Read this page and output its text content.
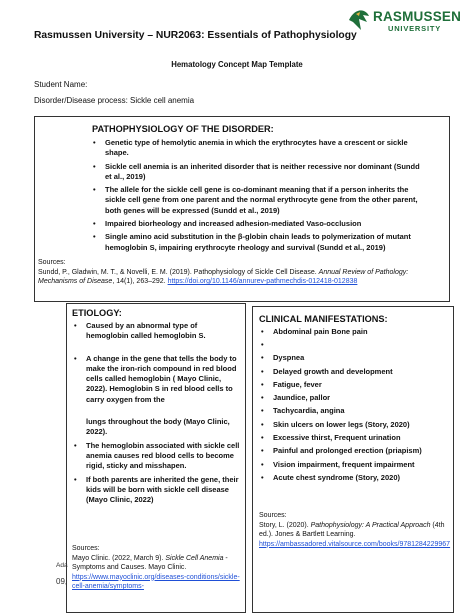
RASMUSSEN
UNIVERSITY
Rasmussen University – NUR2063: Essentials of Pathophysiology
Hematology Concept Map Template
Student Name:
Disorder/Disease process: Sickle cell anemia
PATHOPHYSIOLOGY OF THE DISORDER:
• Genetic type of hemolytic anemia in which the erythrocytes have a crescent or sickle shape.
• Sickle cell anemia is an inherited disorder that is neither recessive nor dominant (Sundd et al., 2019)
• The allele for the sickle cell gene is co-dominant meaning that if a person inherits the sickle cell gene from one parent and the normal erythrocyte gene from the other parent, both genes will be expressed (Sundd et al., 2019)
• Impaired biorheology and increased adhesion-mediated Vaso-occlusion
• Single amino acid substitution in the β-globin chain leads to polymerization of mutant hemoglobin S, impairing erythrocyte rheology and survival (Sundd et al., 2019)
Sources:
Sundd, P., Gladwin, M. T., & Novelli, E. M. (2019). Pathophysiology of Sickle Cell Disease. Annual Review of Pathology: Mechanisms of Disease, 14(1), 263–292. https://doi.org/10.1146/annurev-pathmechdis-012418-012838
ETIOLOGY:
• Caused by an abnormal type of hemoglobin called hemoglobin S.
• A change in the gene that tells the body to make the iron-rich compound in red blood cells called hemoglobin ( Mayo Clinic, 2022). Hemoglobin S in red blood cells to carry oxygen from the
lungs throughout the body (Mayo Clinic, 2022).
• The hemoglobin associated with sickle cell anemia causes red blood cells to become rigid, sticky and misshapen.
• If both parents are inherited the gene, their kids will be born with sickle cell disease (Mayo Clinic, 2022)
Sources:
Mayo Clinic. (2022, March 9). Sickle Cell Anemia - Symptoms and Causes. Mayo Clinic. https://www.mayoclinic.org/diseases-conditions/sickle-cell-anemia/symptoms-
CLINICAL MANIFESTATIONS:
• Abdominal pain Bone pain
•
• Dyspnea
• Delayed growth and development
• Fatigue, fever
• Jaundice, pallor
• Tachycardia, angina
• Skin ulcers on lower legs (Story, 2020)
• Excessive thirst, Frequent urination
• Painful and prolonged erection (priapism)
• Vision impairment, frequent impairment
• Acute chest syndrome (Story, 2020)
Sources:
Story, L. (2020). Pathophysiology: A Practical Approach (4th ed.). Jones & Bartlett Learning. https://ambassadored.vitalsource.com/books/9781284229967
Ada
09,
